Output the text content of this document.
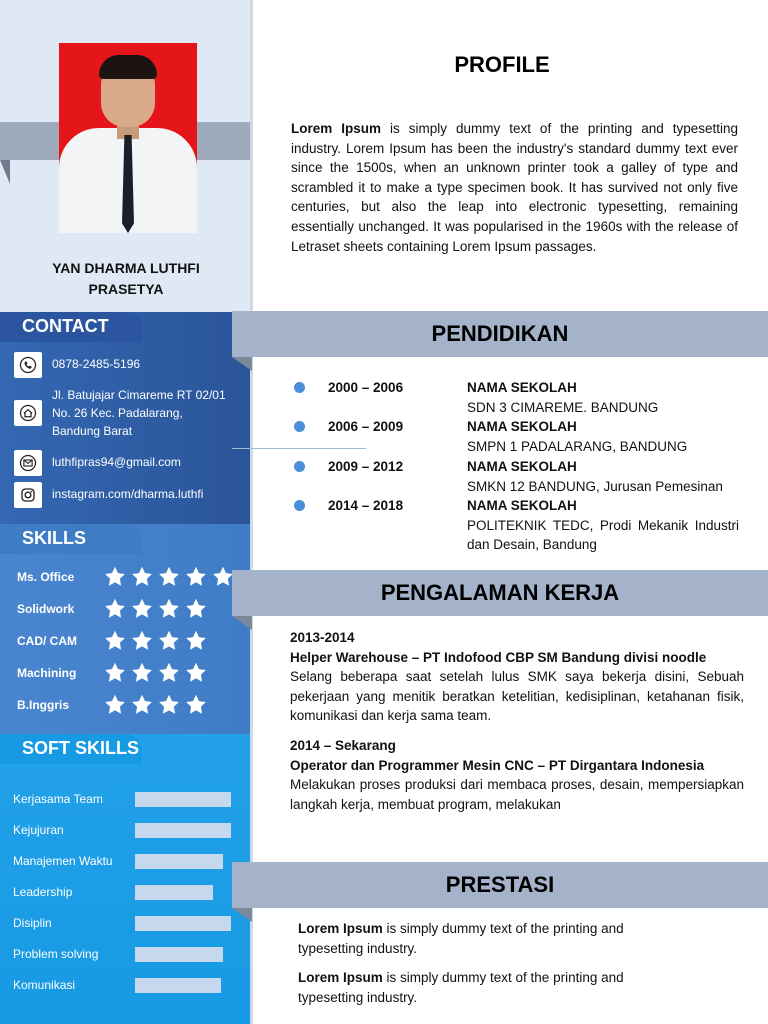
YAN DHARMA LUTHFI
PRASETYA
CONTACT
0878-2485-5196
Jl. Batujajar Cimareme RT 02/01
No. 26 Kec. Padalarang,
Bandung Barat
luthfipras94@gmail.com
instagram.com/dharma.luthfi
SKILLS
Ms. Office
Solidwork
CAD/ CAM
Machining
B.Inggris
SOFT SKILLS
Kerjasama Team
Kejujuran
Manajemen Waktu
Leadership
Disiplin
Problem solving
Komunikasi
PROFILE
Lorem Ipsum is simply dummy text of the printing and typesetting industry. Lorem Ipsum has been the industry's standard dummy text ever since the 1500s, when an unknown printer took a galley of type and scrambled it to make a type specimen book. It has survived not only five centuries, but also the leap into electronic typesetting, remaining essentially unchanged. It was popularised in the 1960s with the release of Letraset sheets containing Lorem Ipsum passages.
PENDIDIKAN
2000 – 2006	NAMA SEKOLAH
SDN 3 CIMAREME. BANDUNG
2006 – 2009	NAMA SEKOLAH
SMPN 1 PADALARANG, BANDUNG
2009 – 2012	NAMA SEKOLAH
SMKN 12 BANDUNG, Jurusan Pemesinan
2014 – 2018	NAMA SEKOLAH
POLITEKNIK TEDC, Prodi Mekanik Industri dan Desain, Bandung
PENGALAMAN KERJA
2013-2014
Helper Warehouse – PT Indofood CBP SM Bandung divisi noodle
Selang beberapa saat setelah lulus SMK saya bekerja disini, Sebuah pekerjaan yang menitik beratkan ketelitian, kedisiplinan, ketahanan fisik, komunikasi dan kerja sama team.
2014 – Sekarang
Operator dan Programmer Mesin CNC – PT Dirgantara Indonesia
Melakukan proses produksi dari membaca proses, desain, mempersiapkan langkah kerja, membuat program, melakukan
PRESTASI
Lorem Ipsum is simply dummy text of the printing and typesetting industry.
Lorem Ipsum is simply dummy text of the printing and typesetting industry.
